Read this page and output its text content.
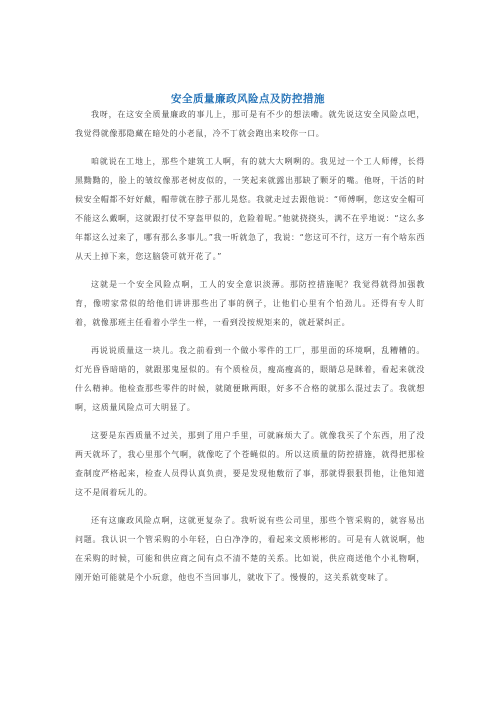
安全质量廉政风险点及防控措施

我呀，在这安全质量廉政的事儿上，那可是有不少的想法嘞。就先说这安全风险点吧，我觉得就像那隐藏在暗处的小老鼠，冷不丁就会跑出来咬你一口。

咱就说在工地上，那些个建筑工人啊，有的就大大咧咧的。我见过一个工人师傅，长得黑黝黝的，脸上的皱纹像那老树皮似的，一笑起来就露出那缺了颗牙的嘴。他呀，干活的时候安全帽都不好好戴，帽带就在脖子那儿晃悠。我就走过去跟他说：“师傅啊，您这安全帽可不能这么戴啊，这就跟打仗不穿盔甲似的，危险着呢。”他就挠挠头，满不在乎地说：“这么多年都这么过来了，哪有那么多事儿。”我一听就急了，我说：“您这可不行，这万一有个啥东西从天上掉下来，您这脑袋可就开花了。”

这就是一个安全风险点啊，工人的安全意识淡薄。那防控措施呢？我觉得就得加强教育，像唠家常似的给他们讲讲那些出了事的例子，让他们心里有个怕劲儿。还得有专人盯着，就像那班主任看着小学生一样，一看到没按规矩来的，就赶紧纠正。

再说说质量这一块儿。我之前看到一个做小零件的工厂，那里面的环境啊，乱糟糟的。灯光昏昏暗暗的，就跟那鬼屋似的。有个质检员，瘦高瘦高的，眼睛总是眯着，看起来就没什么精神。他检查那些零件的时候，就随便瞅两眼，好多不合格的就那么混过去了。我就想啊，这质量风险点可大明显了。

这要是东西质量不过关，那到了用户手里，可就麻烦大了。就像我买了个东西，用了没两天就坏了，我心里那个气啊，就像吃了个苍蝇似的。所以这质量的防控措施，就得把那检查制度严格起来，检查人员得认真负责，要是发现他敷衍了事，那就得狠狠罚他，让他知道这不是闹着玩儿的。

还有这廉政风险点啊，这就更复杂了。我听说有些公司里，那些个管采购的，就容易出问题。我认识一个管采购的小年轻，白白净净的，看起来文质彬彬的。可是有人就说啊，他在采购的时候，可能和供应商之间有点不清不楚的关系。比如说，供应商送他个小礼物啊，刚开始可能就是个小玩意，他也不当回事儿，就收下了。慢慢的，这关系就变味了。
